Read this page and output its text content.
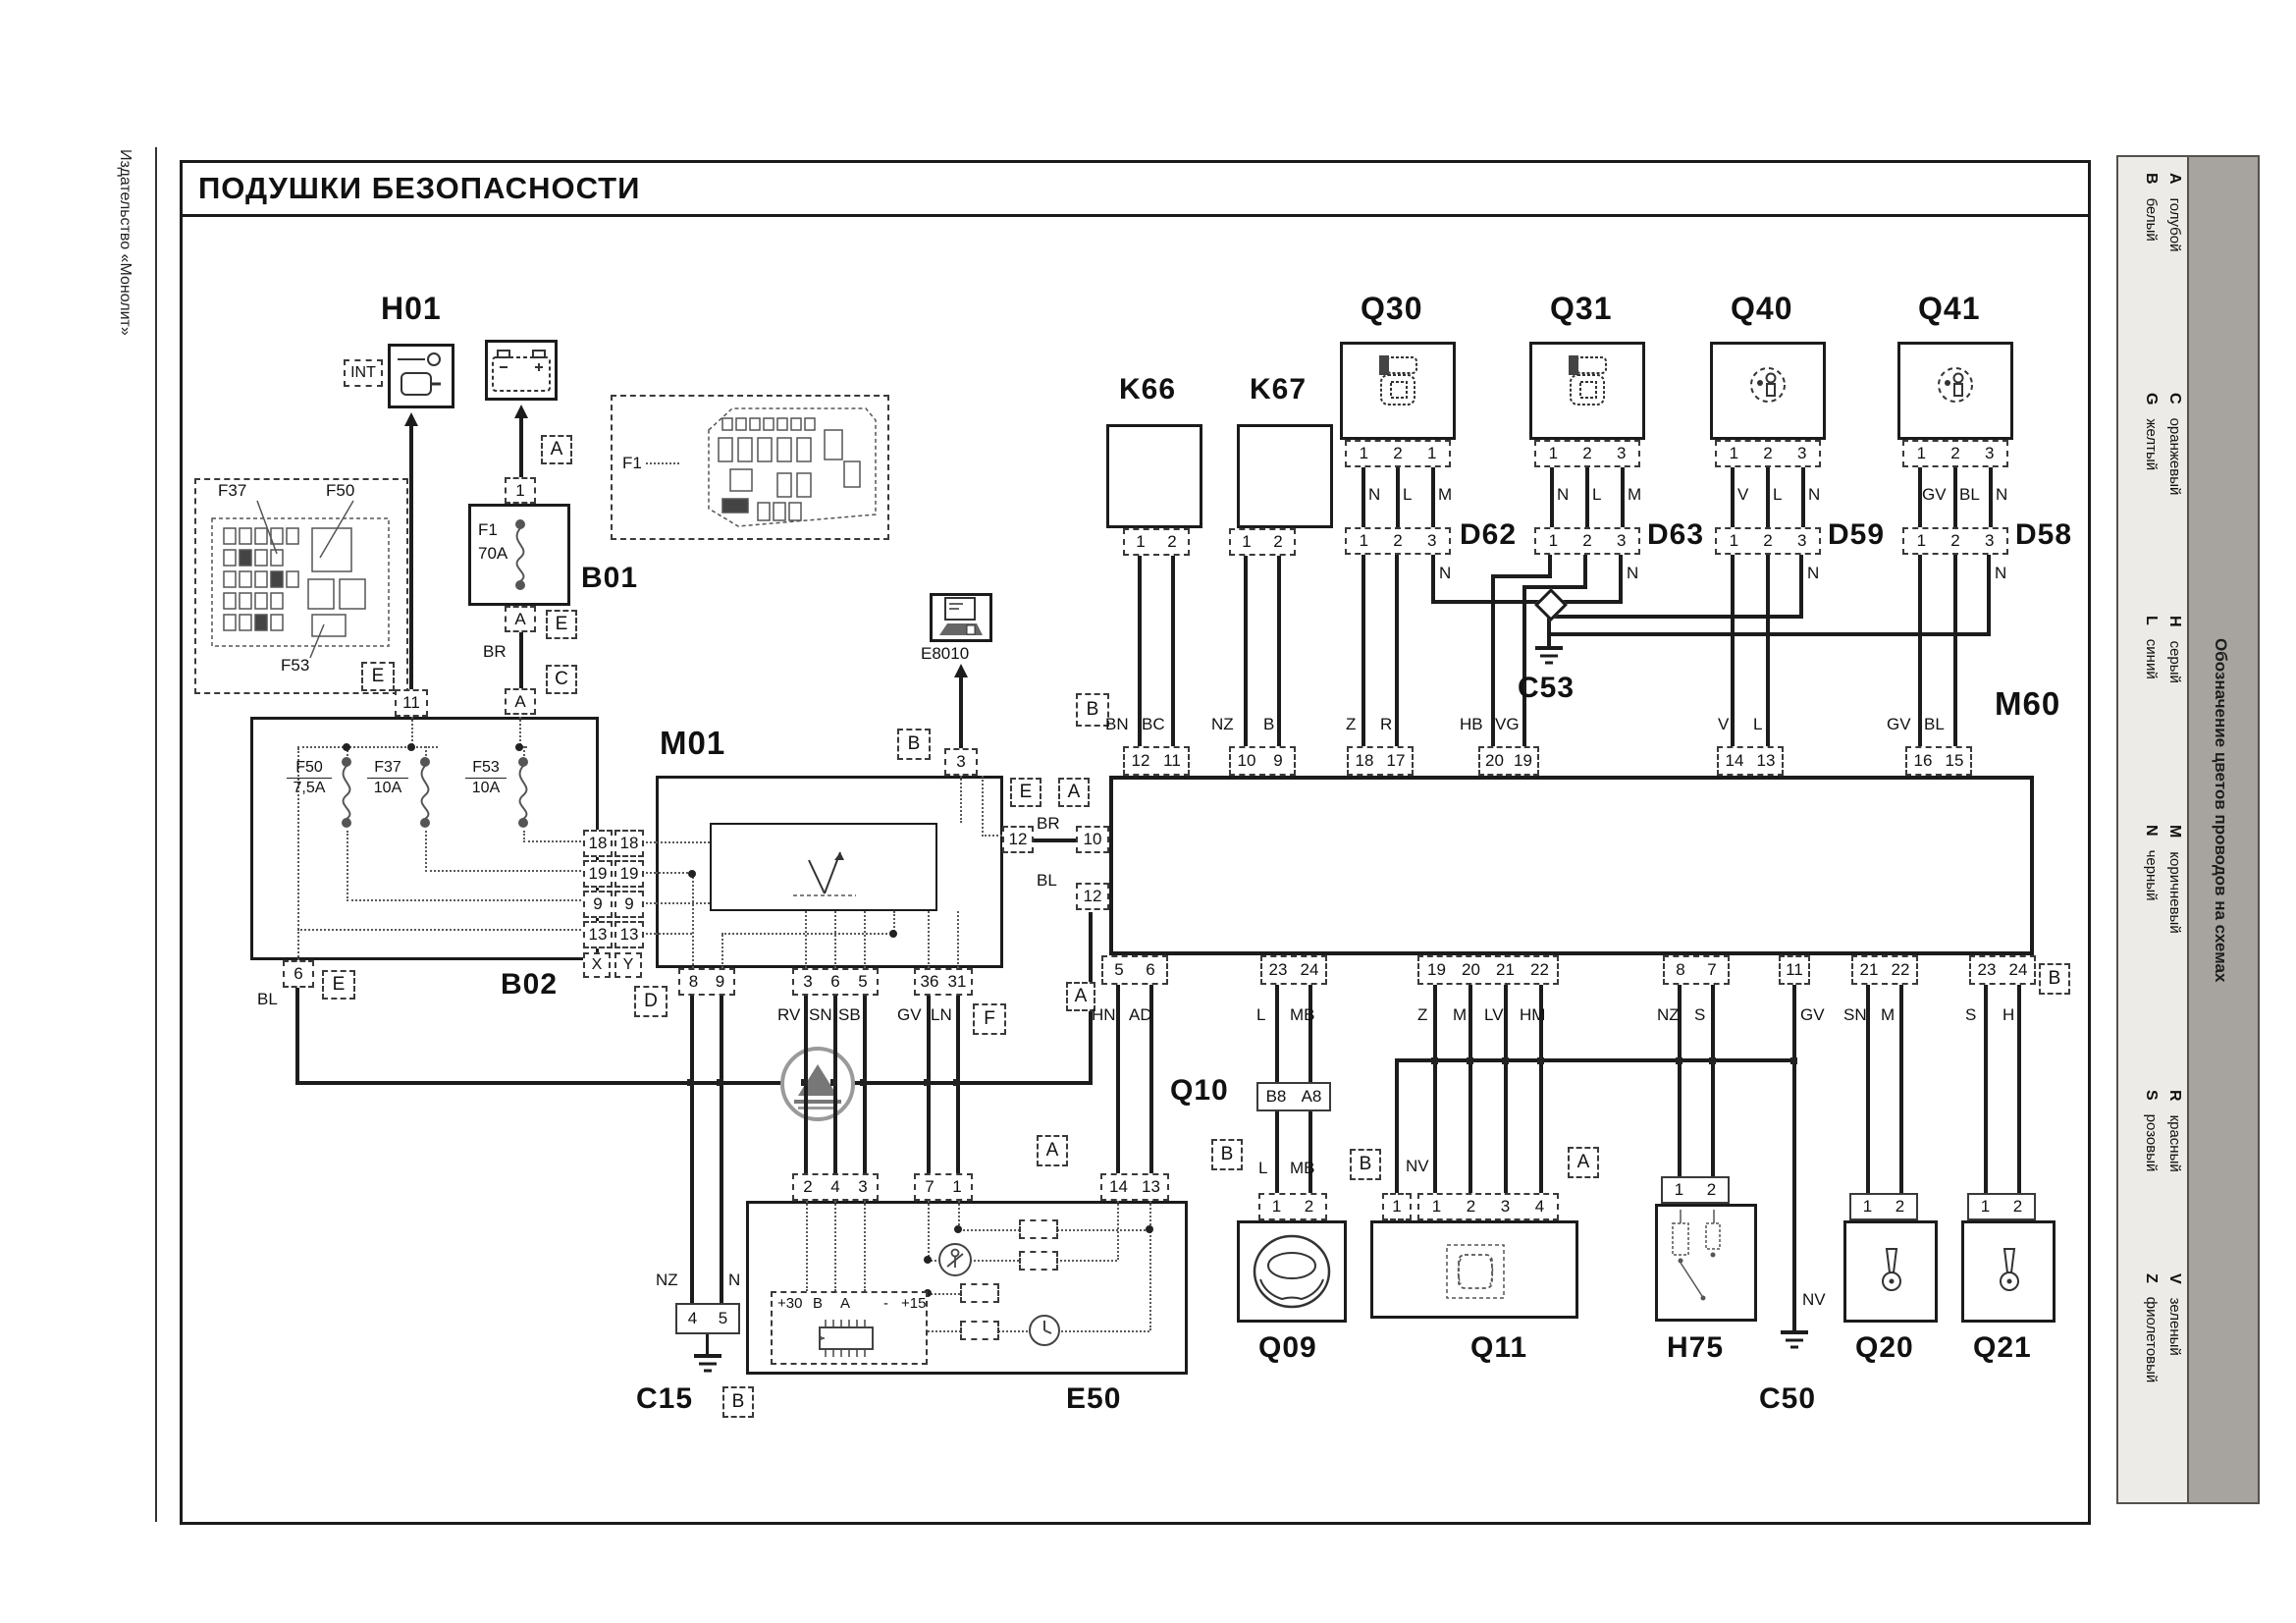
Издательство «Монолит» ПОДУШКИ БЕЗОПАСНОСТИ	Aголубой
Bбелый
Cоранжевый
Gжелтый
Hсерый
Lсиний
Mкоричневый
Nчерный
Rкрасный
Sрозовый
Vзеленый
Zфиолетовый
Обозначение цветов проводов на схемах
F37	F50
F53
F1
H01
INT
E
11
A
1
F1
70A
B01
A	E
BR
C
A
B02
F50
7,5A
F37
10A
F53
10A
18
19
9
13
18
19
9
13
X	Y
6
E
BL
M01	B
3
E8010
E	A
12
BR
10
BL
12
8	9	3	6	5	36 31
D
F
RV SN SB GV LN
NZ	N
4	5
C15	B
2	4	3	7	1
A
14 13
E50
+30 B A - +15
M60
B
12 11	10	9	18 17	20 19	14 13	16 15
5	6	23 24	19 20 21 22	8	7	11	21 22	23 24
A
B
BN BC	NZ B	Z R	HB VG	V L	GV BL
K66
1	2
K67
1	2
Q30
1	2	1
N L M
1	2	3 D62
N
Q31
1	2	3
N L M
1	2	3 D63
N
Q40
1	2	3
V L N
1	2	3 D59
N
Q41
1	2	3
GV BL N
1	2	3 D58
N
C53
HN AD	L MB	Z M LV HM	NZ S	GV SN M	S H
Q10	B8 A8
L MB
B
1	2
Q09
B	NV
1	1	2	3	4
A
Q11
1	2
H75
NV
C50
1	2
Q20
1	2
Q21
